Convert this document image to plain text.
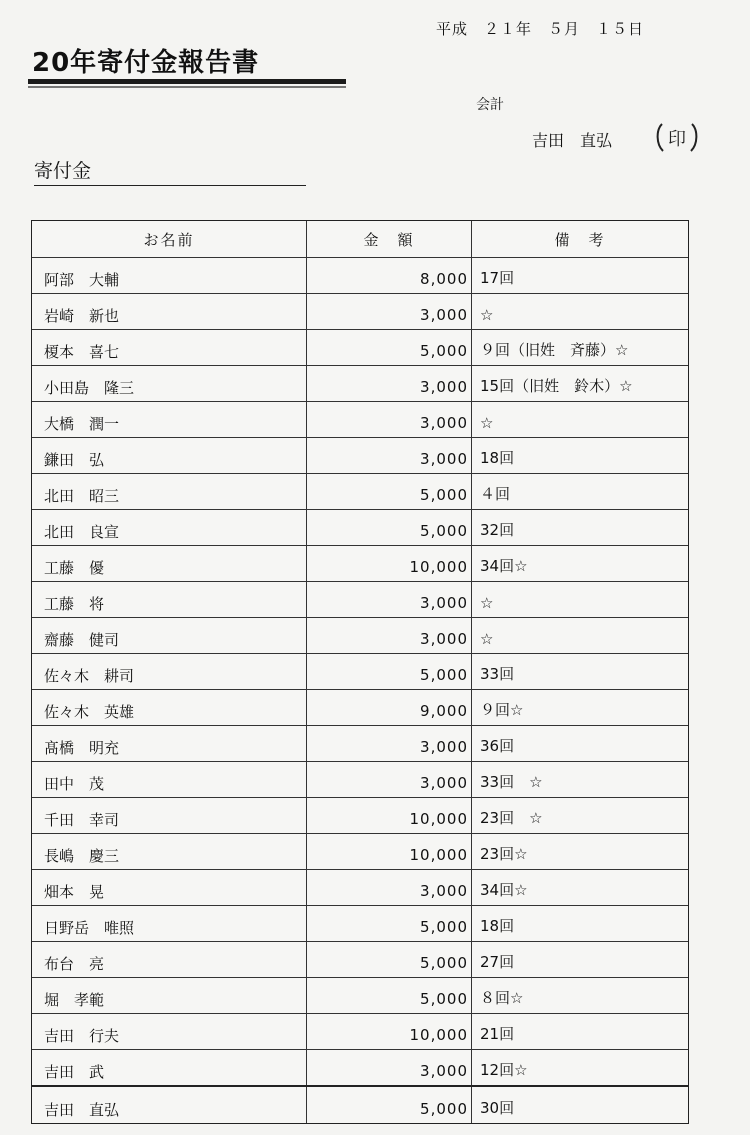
平成　２１年　５月　１５日
20年寄付金報告書
会計
吉田　直弘	印
寄付金
お名前	金　額	備　考
阿部　大輔	8,000 17回
岩崎　新也	3,000 ☆
榎本　喜七	5,000 ９回（旧姓　斉藤）☆
小田島　隆三	3,000 15回（旧姓　鈴木）☆
大橋　潤一	3,000 ☆
鎌田　弘	3,000 18回
北田　昭三	5,000 ４回
北田　良宣	5,000 32回
工藤　優	10,000 34回☆
工藤　将	3,000 ☆
齋藤　健司	3,000 ☆
佐々木　耕司	5,000 33回
佐々木　英雄	9,000 ９回☆
髙橋　明充	3,000 36回
田中　茂	3,000 33回　☆
千田　幸司	10,000 23回　☆
長嶋　慶三	10,000 23回☆
畑本　晃	3,000 34回☆
日野岳　唯照	5,000 18回
布台　亮	5,000 27回
堀　孝範	5,000 ８回☆
吉田　行夫	10,000 21回
吉田　武	3,000 12回☆
吉田　直弘	5,000 30回
